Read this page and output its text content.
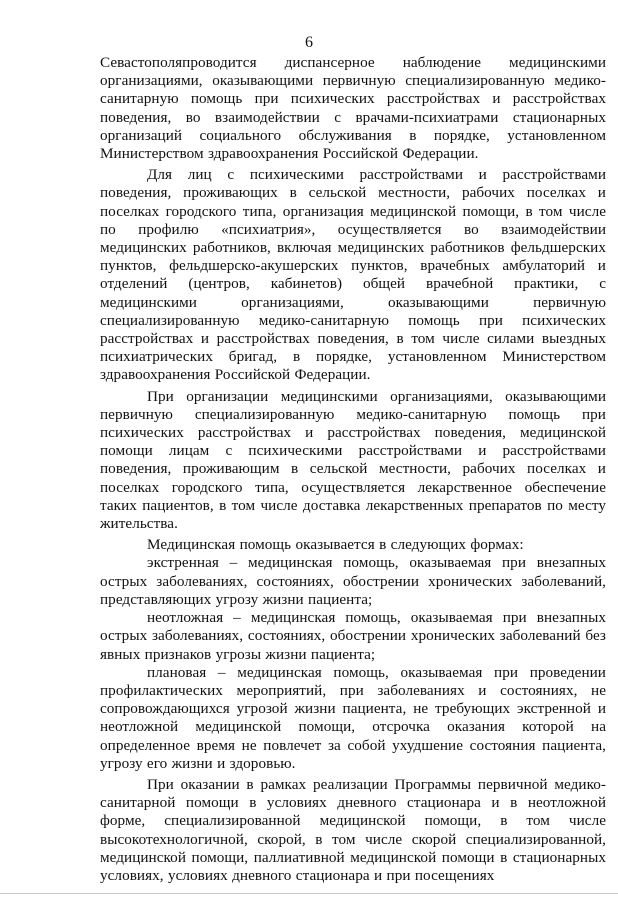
6

Севастополяпроводится диспансерное наблюдение медицинскими организациями, оказывающими первичную специализированную медико-санитарную помощь при психических расстройствах и расстройствах поведения, во взаимодействии с врачами-психиатрами стационарных организаций социального обслуживания в порядке, установленном Министерством здравоохранения Российской Федерации.

Для лиц с психическими расстройствами и расстройствами поведения, проживающих в сельской местности, рабочих поселках и поселках городского типа, организация медицинской помощи, в том числе по профилю «психиатрия», осуществляется во взаимодействии медицинских работников, включая медицинских работников фельдшерских пунктов, фельдшерско-акушерских пунктов, врачебных амбулаторий и отделений (центров, кабинетов) общей врачебной практики, с медицинскими организациями, оказывающими первичную специализированную медико-санитарную помощь при психических расстройствах и расстройствах поведения, в том числе силами выездных психиатрических бригад, в порядке, установленном Министерством здравоохранения Российской Федерации.

При организации медицинскими организациями, оказывающими первичную специализированную медико-санитарную помощь при психических расстройствах и расстройствах поведения, медицинской помощи лицам с психическими расстройствами и расстройствами поведения, проживающим в сельской местности, рабочих поселках и поселках городского типа, осуществляется лекарственное обеспечение таких пациентов, в том числе доставка лекарственных препаратов по месту жительства.

Медицинская помощь оказывается в следующих формах:

экстренная – медицинская помощь, оказываемая при внезапных острых заболеваниях, состояниях, обострении хронических заболеваний, представляющих угрозу жизни пациента;

неотложная – медицинская помощь, оказываемая при внезапных острых заболеваниях, состояниях, обострении хронических заболеваний без явных признаков угрозы жизни пациента;

плановая – медицинская помощь, оказываемая при проведении профилактических мероприятий, при заболеваниях и состояниях, не сопровождающихся угрозой жизни пациента, не требующих экстренной и неотложной медицинской помощи, отсрочка оказания которой на определенное время не повлечет за собой ухудшение состояния пациента, угрозу его жизни и здоровью.

При оказании в рамках реализации Программы первичной медико-санитарной помощи в условиях дневного стационара и в неотложной форме, специализированной медицинской помощи, в том числе высокотехнологичной, скорой, в том числе скорой специализированной, медицинской помощи, паллиативной медицинской помощи в стационарных условиях, условиях дневного стационара и при посещениях
